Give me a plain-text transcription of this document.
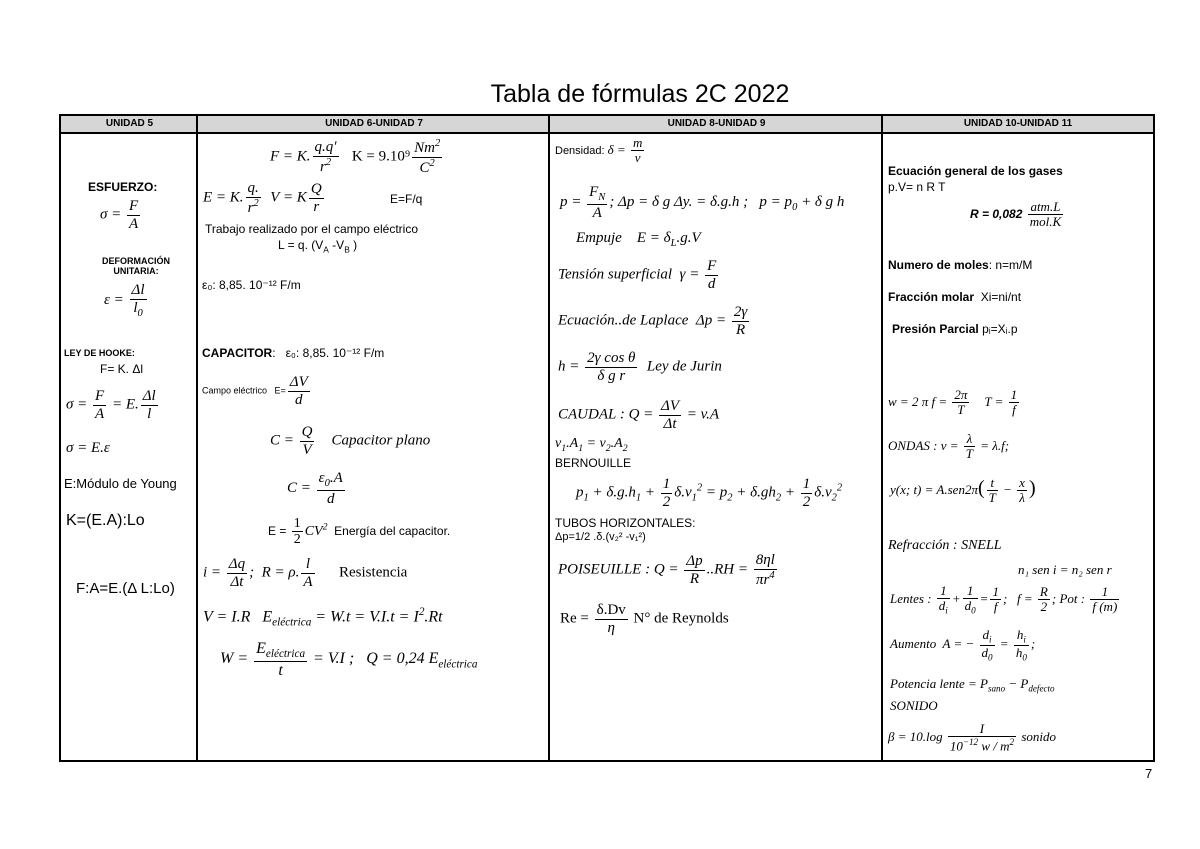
Tabla de fórmulas 2C 2022
UNIDAD 5	UNIDAD 6-UNIDAD 7	UNIDAD 8-UNIDAD 9	UNIDAD 10-UNIDAD 11
ESFUERZO:
$\sigma = \frac{F}{A}$
DEFORMACIÓN
UNITARIA:
$\varepsilon = \frac{\Delta l}{l_0}$
LEY DE HOOKE:
F= K. Δl
$\sigma = \frac{F}{A} = E$. $\frac{\Delta l}{l}$
σ = E.ε
E:Módulo de Young
K=(E.A):Lo
F:A=E.(Δ L:Lo)
F = K. $\frac{q.q'}{r^2}$ $K = 9.10^9 \frac{Nm^2}{C^2}$
E = K. $\frac{q.}{r^2}$ V = K $\frac{Q}{r}$	E=F/q
Trabajo realizado por el campo eléctrico
L = q. ($V_A$ $-V_B$ )
ε₀: 8,85. 10⁻¹² F/m
CAPACITOR:   ε₀: 8,85. 10⁻¹² F/m
Campo eléctrico   $E= \frac{\Delta V}{d}$
$C = \frac{Q}{V}$ Capacitor plano
$C = \frac{\varepsilon_0.A}{d}$
$E = \frac{1}{2} CV^2$ Energía del capacitor.
$i = \frac{\Delta q}{\Delta t}$ ;  R = ρ. $\frac{l}{A}$ Resistencia
V = I.R   $E_{eléctrica} = W.t = V.I.t = I^2.Rt$
$W = \frac{E_{eléctrica}}{t} = V.I$ ;   Q = 0,24 $E_{eléctrica}$
Densidad: $\delta = \frac{m}{v}$
$p = \frac{F_N}{A}$ ; Δp = δ g Δy. = δ.g.h ;   $p = p_0 + \delta$ g h
Empuje    $E = \delta_L.g.V$
Tensión superficial  $\gamma = \frac{F}{d}$
Ecuación..de Laplace  $\Delta p = \frac{2\gamma}{R}$
$h = \frac{\text{2γ cos θ}}{\text{δ g r}}$ Ley de Jurin
CAUDAL : $Q = \frac{\Delta V}{\Delta t} = v.A$
$v_1.A_1 = v_2.A_2$
BERNOUILLE
$p_1 + \delta.g.h_1 + \frac{1}{2} \delta.v_1^2 = p_2 + \delta.gh_2 + \frac{1}{2} \delta.v_2^2$
TUBOS HORIZONTALES:
Δp=1/2 .δ.(v₂² -v₁²)
POISEUILLE : $Q = \frac{\Delta p}{R} ..RH = \frac{8\eta l}{\pi r^4}$
$Re = \frac{\delta.Dv}{\eta} N^\circ$ de Reynolds
Ecuación general de los gases
p.V= n R T
$R = 0,082 \frac{\text{atm.L}}{\text{mol.K}}$
Numero de moles: n=m/M
Fracción molar Xi=ni/nt
Presión Parcial pᵢ=Xᵢ.p
w = 2 π $f = \frac{2\pi}{T}$ $T = \frac{1}{f}$
ONDAS : $v = \frac{\lambda}{T} = \lambda.f$;
y(x; $t) = A.sen2\pi( \frac{t}{T} - \frac{x}{\lambda}$ )
Refracción : SNELL
n₁ sen i = n₂ sen r
Lentes : $\frac{1}{d_i} + \frac{1}{d_0} = \frac{1}{f}$ ;   $f = \frac{R}{2}$ ; Pot : $\frac{1}{f (m)}$
Aumento  A = − $\frac{d_i}{d_0} = \frac{h_i}{h_0}$ ;
Potencia lente = $P_{sano} - P_{defecto}$
SONIDO
$\beta = 10.\log \frac{I}{10^{-12} w / m^2}$ sonido
7
